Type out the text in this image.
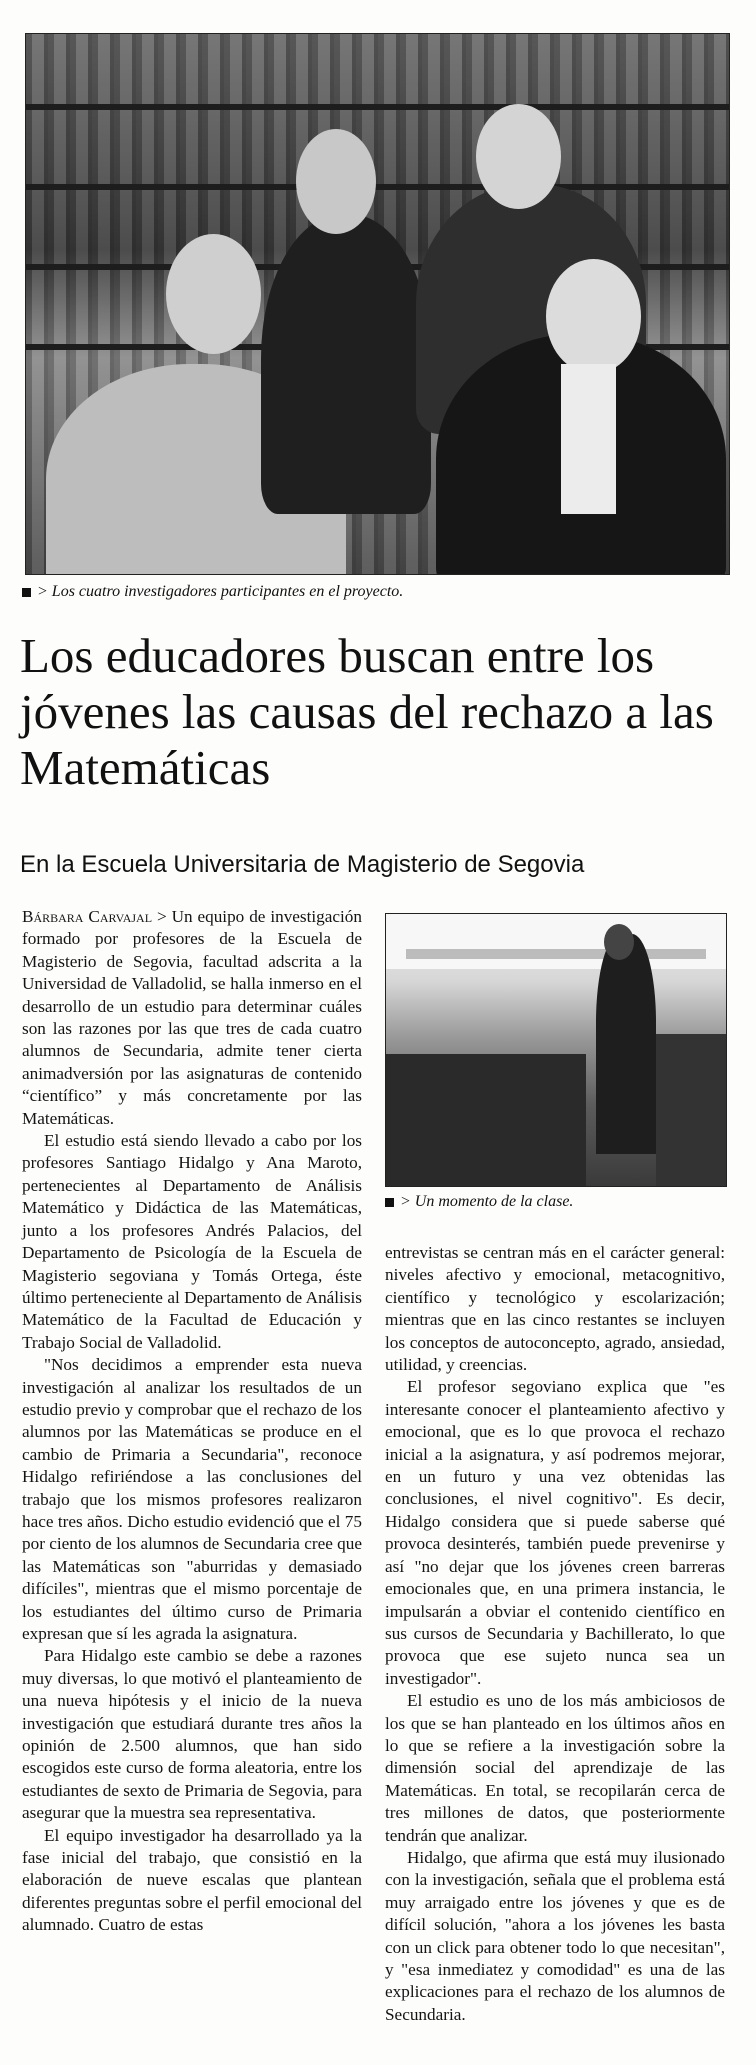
> Los cuatro investigadores participantes en el proyecto.
Los educadores buscan entre los jóvenes las causas del rechazo a las Matemáticas
En la Escuela Universitaria de Magisterio de Segovia
> Un momento de la clase.

Bárbara Carvajal > Un equipo de investigación formado por profesores de la Escuela de Magisterio de Segovia, facultad adscrita a la Universidad de Valladolid, se halla inmerso en el desarrollo de un estudio para determinar cuáles son las razones por las que tres de cada cuatro alumnos de Secundaria, admite tener cierta animadversión por las asignaturas de contenido “científico” y más concretamente por las Matemáticas.

El estudio está siendo llevado a cabo por los profesores Santiago Hidalgo y Ana Maroto, pertenecientes al Departamento de Análisis Matemático y Didáctica de las Matemáticas, junto a los profesores Andrés Palacios, del Departamento de Psicología de la Escuela de Magisterio segoviana y Tomás Ortega, éste último perteneciente al Departamento de Análisis Matemático de la Facultad de Educación y Trabajo Social de Valladolid.

"Nos decidimos a emprender esta nueva investigación al analizar los resultados de un estudio previo y comprobar que el rechazo de los alumnos por las Matemáticas se produce en el cambio de Primaria a Secundaria", reconoce Hidalgo refiriéndose a las conclusiones del trabajo que los mismos profesores realizaron hace tres años. Dicho estudio evidenció que el 75 por ciento de los alumnos de Secundaria cree que las Matemáticas son "aburridas y demasiado difíciles", mientras que el mismo porcentaje de los estudiantes del último curso de Primaria expresan que sí les agrada la asignatura.

Para Hidalgo este cambio se debe a razones muy diversas, lo que motivó el planteamiento de una nueva hipótesis y el inicio de la nueva investigación que estudiará durante tres años la opinión de 2.500 alumnos, que han sido escogidos este curso de forma aleatoria, entre los estudiantes de sexto de Primaria de Segovia, para asegurar que la muestra sea representativa.

El equipo investigador ha desarrollado ya la fase inicial del trabajo, que consistió en la elaboración de nueve escalas que plantean diferentes preguntas sobre el perfil emocional del alumnado. Cuatro de estas

entrevistas se centran más en el carácter general: niveles afectivo y emocional, metacognitivo, científico y tecnológico y escolarización; mientras que en las cinco restantes se incluyen los conceptos de autoconcepto, agrado, ansiedad, utilidad, y creencias.

El profesor segoviano explica que "es interesante conocer el planteamiento afectivo y emocional, que es lo que provoca el rechazo inicial a la asignatura, y así podremos mejorar, en un futuro y una vez obtenidas las conclusiones, el nivel cognitivo". Es decir, Hidalgo considera que si puede saberse qué provoca desinterés, también puede prevenirse y así "no dejar que los jóvenes creen barreras emocionales que, en una primera instancia, le impulsarán a obviar el contenido científico en sus cursos de Secundaria y Bachillerato, lo que provoca que ese sujeto nunca sea un investigador".

El estudio es uno de los más ambiciosos de los que se han planteado en los últimos años en lo que se refiere a la investigación sobre la dimensión social del aprendizaje de las Matemáticas. En total, se recopilarán cerca de tres millones de datos, que posteriormente tendrán que analizar.

Hidalgo, que afirma que está muy ilusionado con la investigación, señala que el problema está muy arraigado entre los jóvenes y que es de difícil solución, "ahora a los jóvenes les basta con un click para obtener todo lo que necesitan", y "esa inmediatez y comodidad" es una de las explicaciones para el rechazo de los alumnos de Secundaria.
